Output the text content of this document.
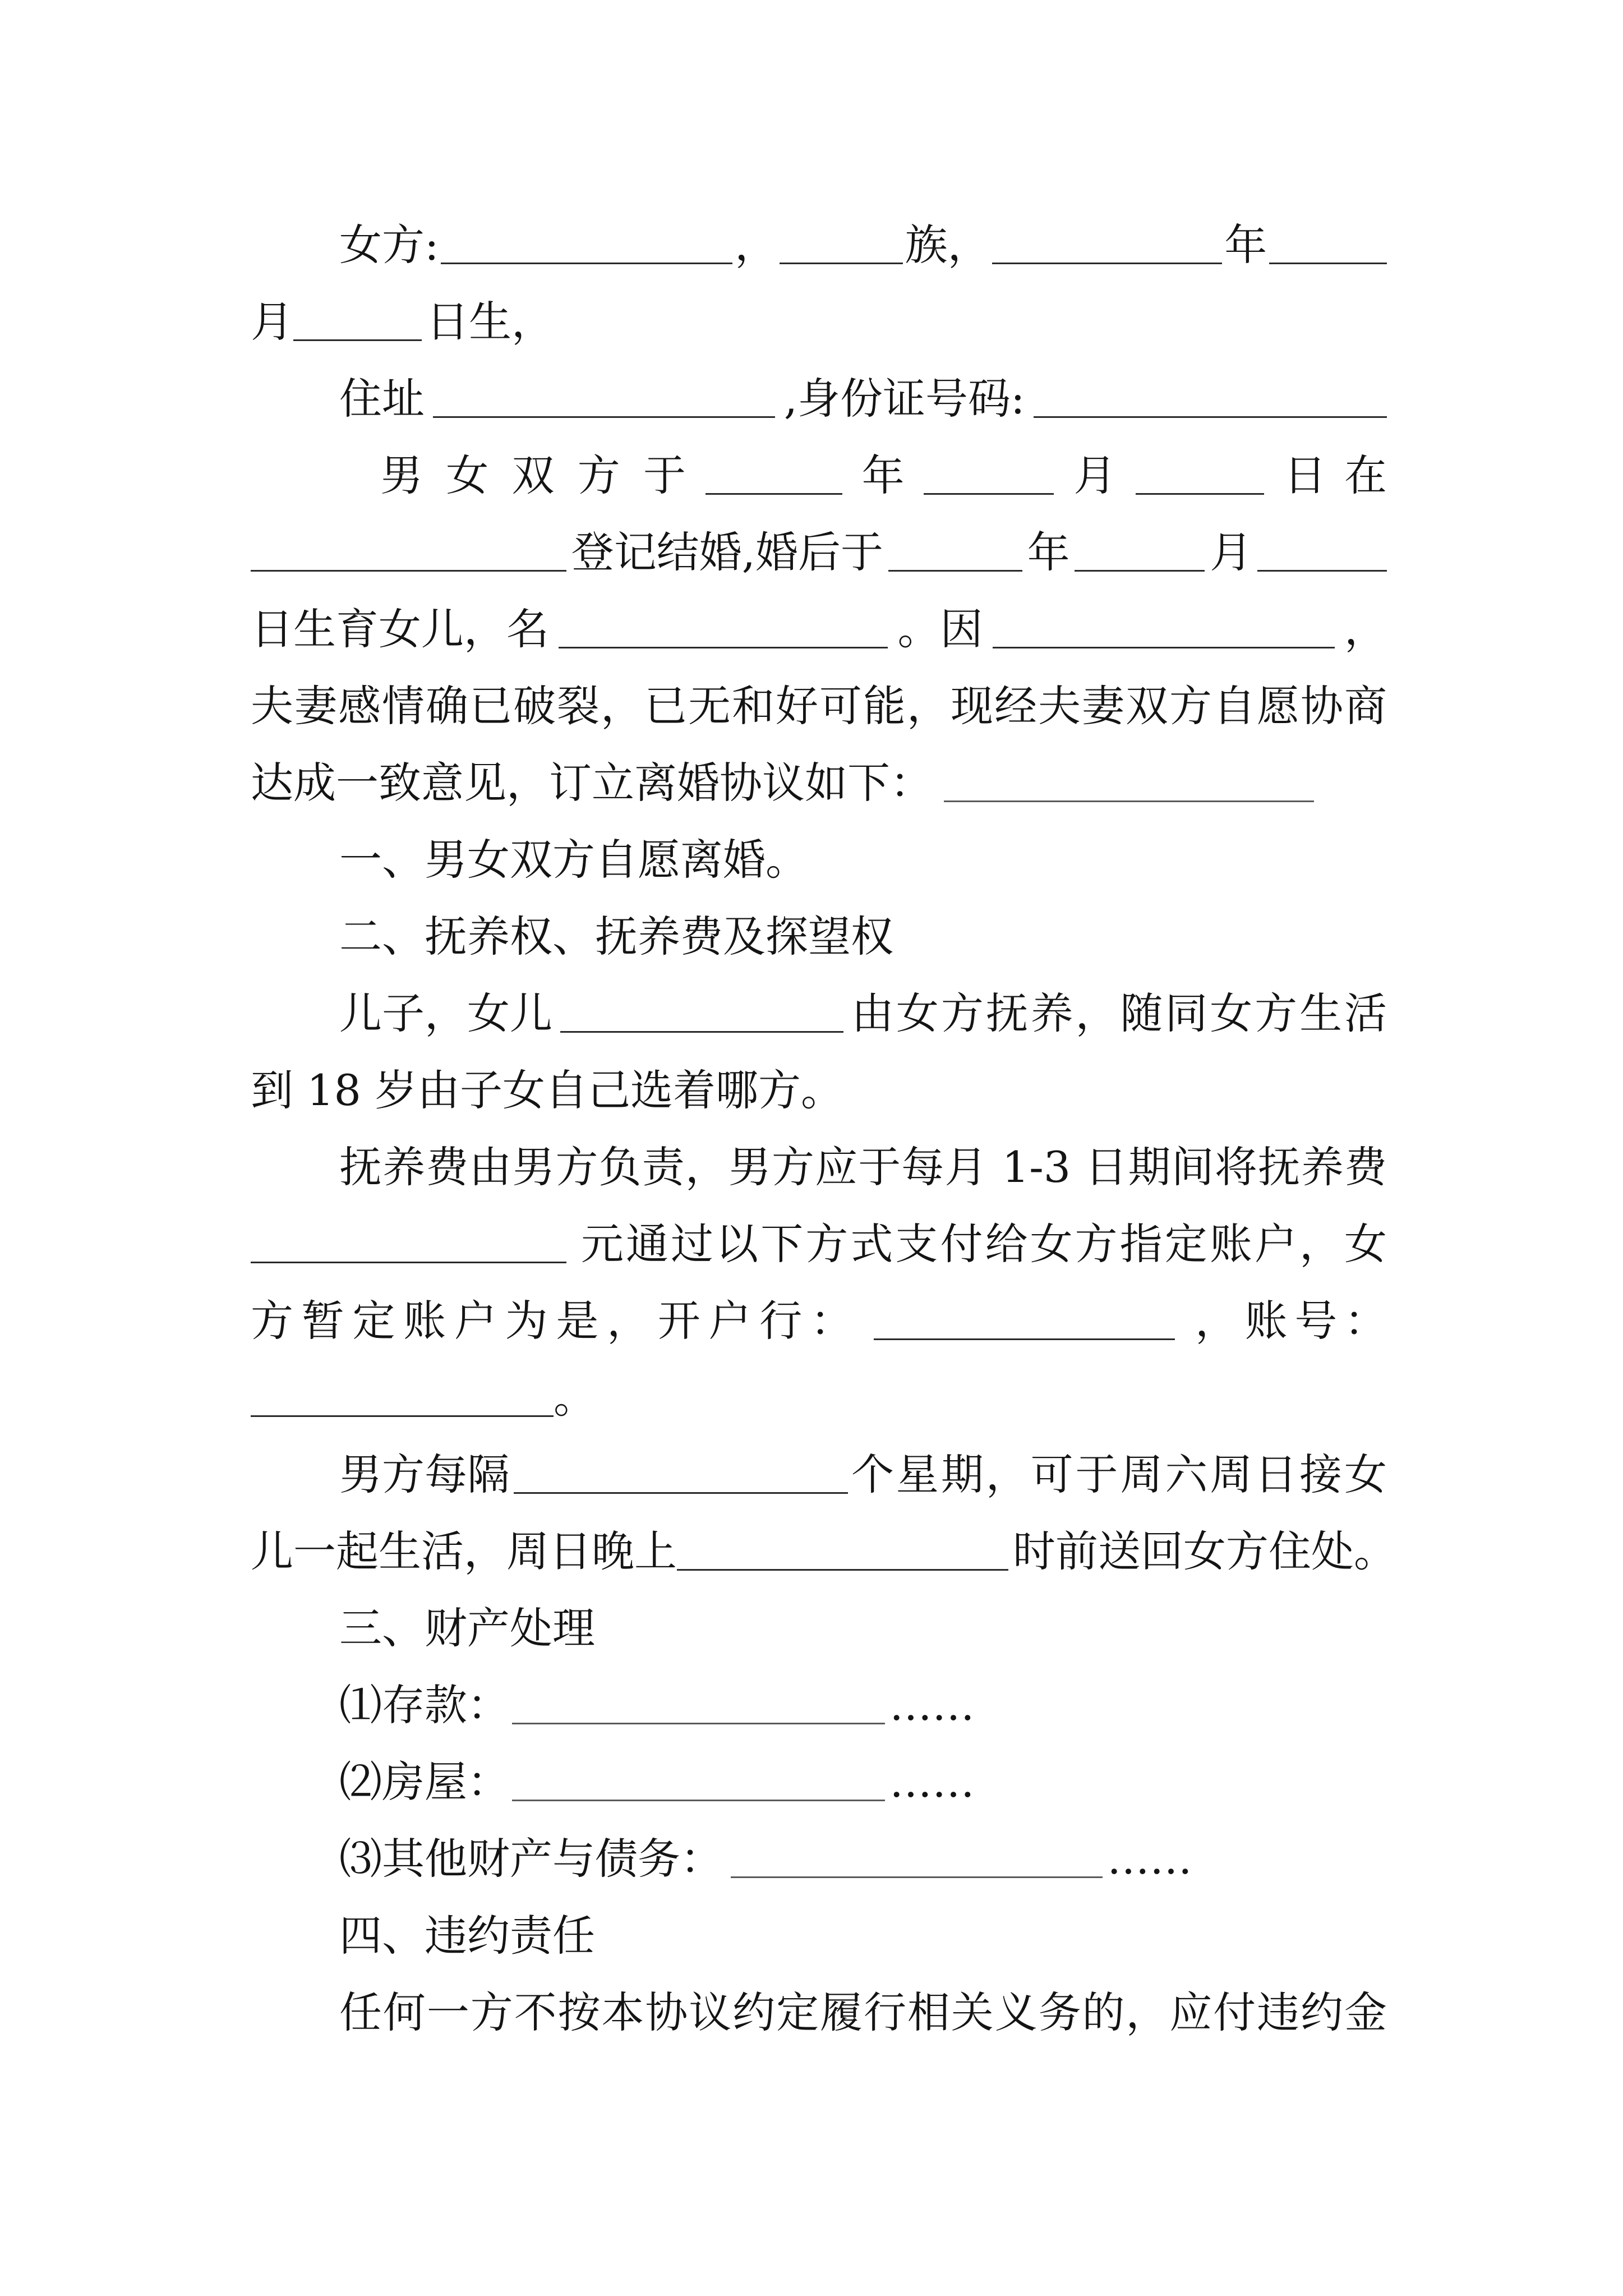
女方:	，	族，	年
月	日生，
住址	,身份证号码:
男女双方于	年	月	日在
登记结婚,婚后于	年	月
日生育女儿，名	。因	，
夫妻感情确已破裂，已无和好可能，现经夫妻双方自愿协商
达成一致意见，订立离婚协议如下：
一、男女双方自愿离婚。
二、抚养权、抚养费及探望权
儿子，女儿	由女方抚养，随同女方生活
到 18 岁由子女自己选着哪方。
抚养费由男方负责，男方应于每月 1-3 日期间将抚养费
元通过以下方式支付给女方指定账户，女
方暂定账户为是，开户行：	，账号：
。
男方每隔	个星期，可于周六周日接女
儿一起生活，周日晚上	时前送回女方住处。
三、财产处理
⑴存款：	……
⑵房屋：	……
⑶其他财产与债务：	……
四、违约责任
任何一方不按本协议约定履行相关义务的，应付违约金
